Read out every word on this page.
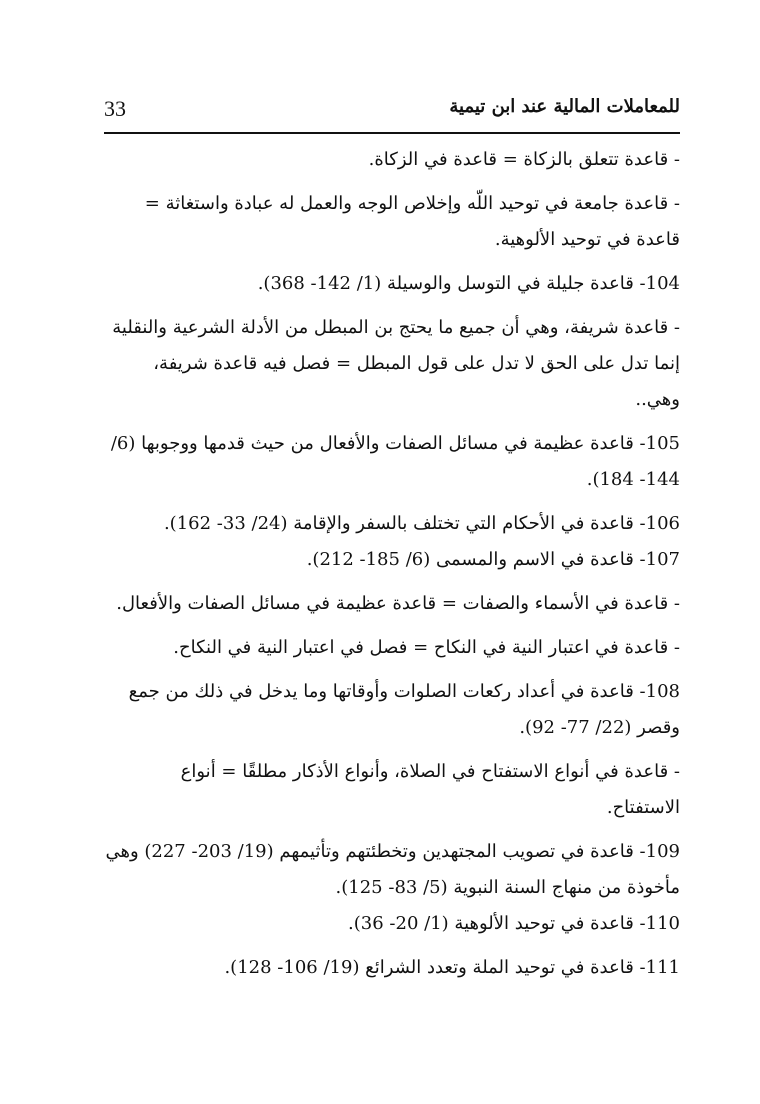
33	للمعاملات المالية عند ابن تيمية

- قاعدة تتعلق بالزكاة = قاعدة في الزكاة.

- قاعدة جامعة في توحيد اللّه وإخلاص الوجه والعمل له عبادة واستغاثة = قاعدة في توحيد الألوهية.

104- قاعدة جليلة في التوسل والوسيلة (1/ 142- 368).

- قاعدة شريفة، وهي أن جميع ما يحتج بن المبطل من الأدلة الشرعية والنقلية إنما تدل على الحق لا تدل على قول المبطل = فصل فيه قاعدة شريفة، وهي..

105- قاعدة عظيمة في مسائل الصفات والأفعال من حيث قدمها ووجوبها (6/ 144- 184).

106- قاعدة في الأحكام التي تختلف بالسفر والإقامة (24/ 33- 162).

107- قاعدة في الاسم والمسمى (6/ 185- 212).

- قاعدة في الأسماء والصفات = قاعدة عظيمة في مسائل الصفات والأفعال.

- قاعدة في اعتبار النية في النكاح = فصل في اعتبار النية في النكاح.

108- قاعدة في أعداد ركعات الصلوات وأوقاتها وما يدخل في ذلك من جمع وقصر (22/ 77- 92).

- قاعدة في أنواع الاستفتاح في الصلاة، وأنواع الأذكار مطلقًا = أنواع الاستفتاح.

109- قاعدة في تصويب المجتهدين وتخطئتهم وتأثيمهم (19/ 203- 227) وهي مأخوذة من منهاج السنة النبوية (5/ 83- 125).

110- قاعدة في توحيد الألوهية (1/ 20- 36).

111- قاعدة في توحيد الملة وتعدد الشرائع (19/ 106- 128).
